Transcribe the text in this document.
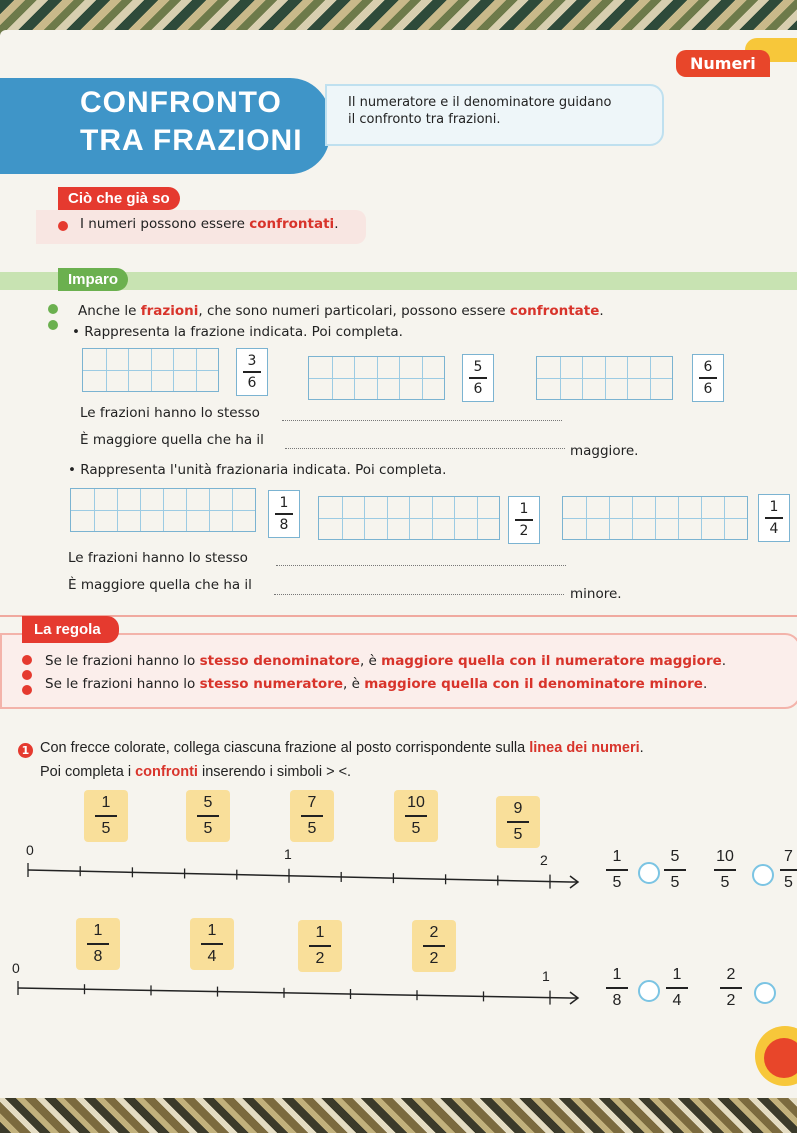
Numeri
CONFRONTO
TRA FRAZIONI
Il numeratore e il denominatore guidano
il confronto tra frazioni.
Ciò che già so
I numeri possono essere confrontati.
Imparo
Anche le frazioni, che sono numeri particolari, possono essere confrontate.
• Rappresenta la frazione indicata. Poi completa.
3
6
5
6
6
6
Le frazioni hanno lo stesso
È maggiore quella che ha il
maggiore.
• Rappresenta l'unità frazionaria indicata. Poi completa.
1
8
1
2
1
4
Le frazioni hanno lo stesso
È maggiore quella che ha il
minore.
La regola
Se le frazioni hanno lo stesso denominatore, è maggiore quella con il numeratore maggiore.
Se le frazioni hanno lo stesso numeratore, è maggiore quella con il denominatore minore.
1 Con frecce colorate, collega ciascuna frazione al posto corrispondente sulla linea dei numeri.
Poi completa i confronti inserendo i simboli > <.
1
5
5
5
7
5
10
5
9
5
0	1	2	1
5
5
5
10
5
7
5
1
8
1
4
1
2
2
2
0	1	1
8
1
4
2
2
